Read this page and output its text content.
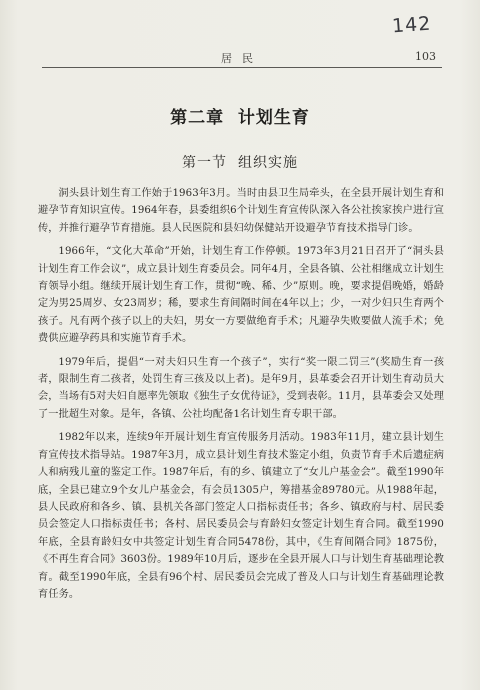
142
居民	103
第二章  计划生育
第一节  组织实施

洞头县计划生育工作始于1963年3月。当时由县卫生局牵头，在全县开展计划生育和避孕节育知识宣传。1964年春，县委组织6个计划生育宣传队深入各公社挨家挨户进行宣传，并推行避孕节育措施。县人民医院和县妇幼保健站开设避孕节育技术指导门诊。

1966年，“文化大革命”开始，计划生育工作停顿。1973年3月21日召开了“洞头县计划生育工作会议”，成立县计划生育委员会。同年4月，全县各镇、公社相继成立计划生育领导小组。继续开展计划生育工作，贯彻“晚、稀、少”原则。晚，要求提倡晚婚，婚龄定为男25周岁、女23周岁；稀，要求生育间隔时间在4年以上；少，一对少妇只生育两个孩子。凡有两个孩子以上的夫妇，男女一方要做绝育手术；凡避孕失败要做人流手术；免费供应避孕药具和实施节育手术。

1979年后，提倡“一对夫妇只生育一个孩子”，实行“奖一限二罚三”(奖励生育一孩者，限制生育二孩者，处罚生育三孩及以上者)。是年9月，县革委会召开计划生育动员大会，当场有5对夫妇自愿率先领取《独生子女优待证》，受到表彰。11月，县革委会又处理了一批超生对象。是年，各镇、公社均配备1名计划生育专职干部。

1982年以来，连续9年开展计划生育宣传服务月活动。1983年11月，建立县计划生育宣传技术指导站。1987年3月，成立县计划生育技术鉴定小组，负责节育手术后遗症病人和病残儿童的鉴定工作。1987年后，有的乡、镇建立了“女儿户基金会”。截至1990年底，全县已建立9个女儿户基金会，有会员1305户，筹措基金89780元。从1988年起，县人民政府和各乡、镇、县机关各部门签定人口指标责任书；各乡、镇政府与村、居民委员会签定人口指标责任书；各村、居民委员会与育龄妇女签定计划生育合同。截至1990年底，全县育龄妇女中共签定计划生育合同5478份，其中，《生育间隔合同》1875份，《不再生育合同》3603份。1989年10月后，逐步在全县开展人口与计划生育基础理论教育。截至1990年底，全县有96个村、居民委员会完成了普及人口与计划生育基础理论教育任务。
